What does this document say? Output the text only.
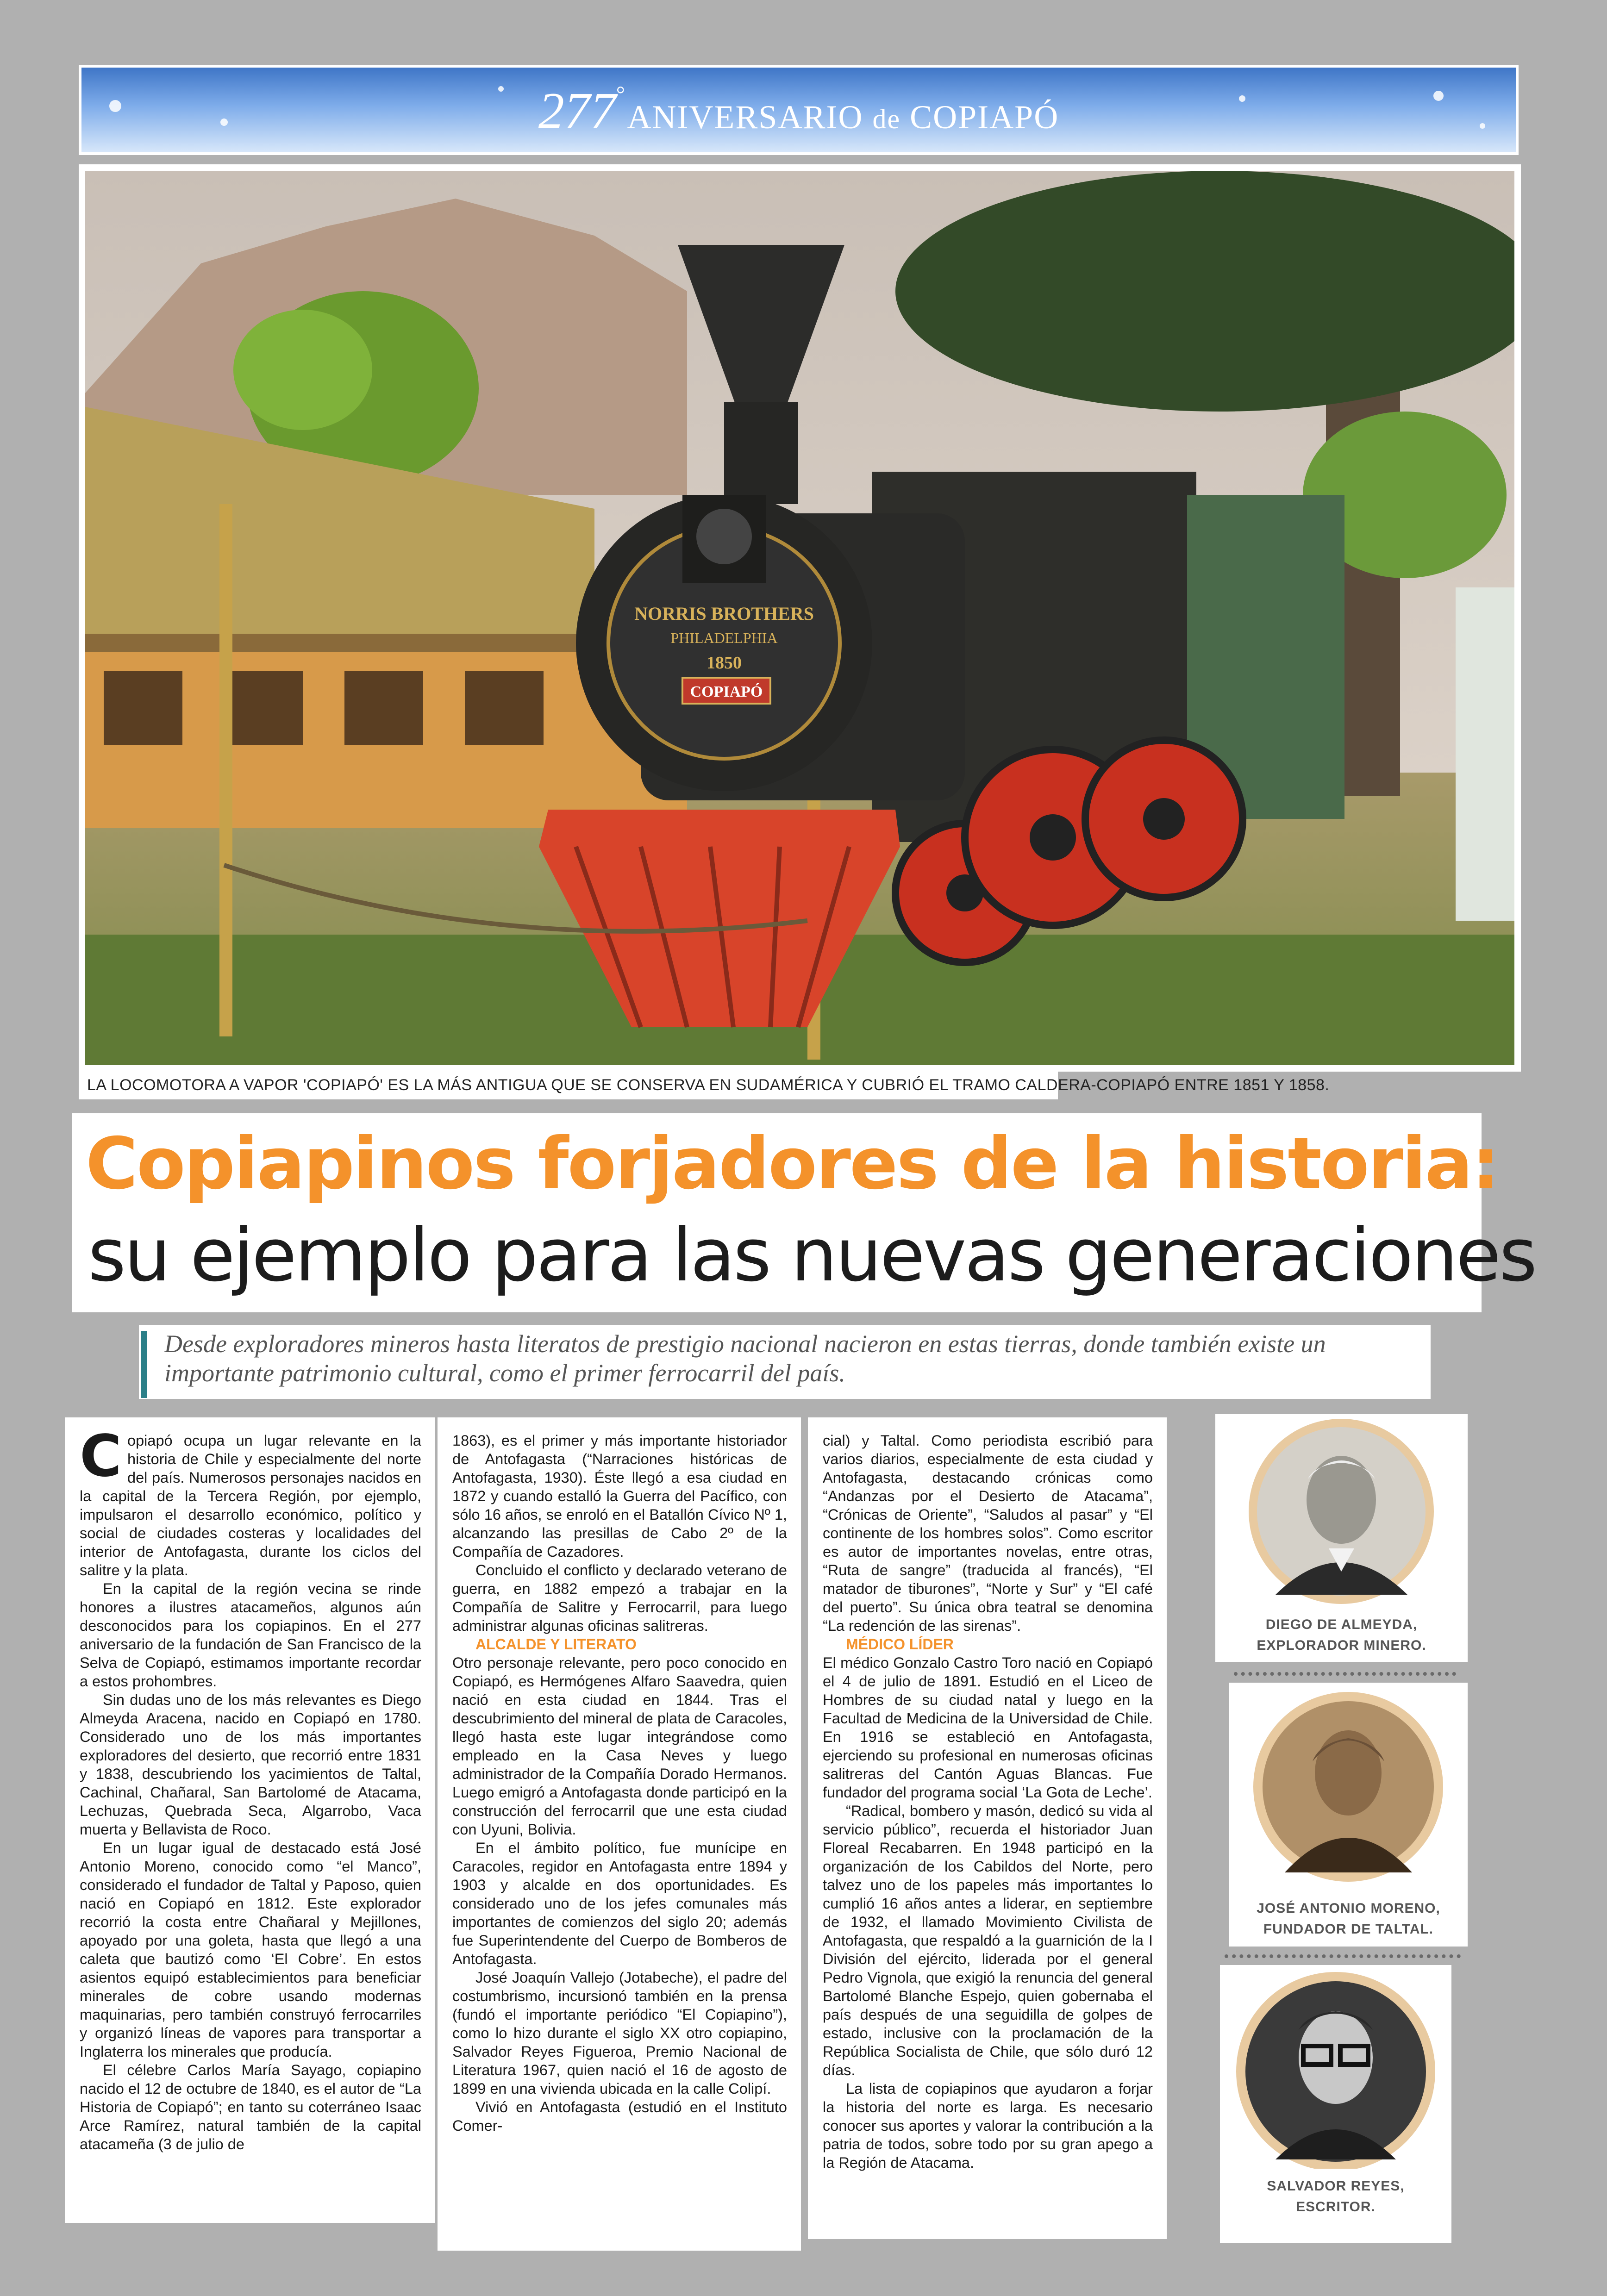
277° ANIVERSARIO de COPIAPÓ
NORRIS BROTHERS
PHILADELPHIA
1850
COPIAPÓ
LA LOCOMOTORA A VAPOR 'COPIAPÓ' ES LA MÁS ANTIGUA QUE SE CONSERVA EN SUDAMÉRICA Y CUBRIÓ EL TRAMO CALDERA-COPIAPÓ ENTRE 1851 Y 1858.
Copiapinos forjadores de la historia:
su ejemplo para las nuevas generaciones
Desde exploradores mineros hasta literatos de prestigio nacional nacieron en estas tierras, donde también existe un importante patrimonio cultural, como el primer ferrocarril del país.
C opiapó ocupa un lugar relevante en la historia de Chile y especialmente del norte del país. Numerosos personajes nacidos en la capital de la Tercera Región, por ejemplo, impulsaron el desarrollo económico, político y social de ciudades costeras y localidades del interior de Antofagasta, durante los ciclos del salitre y la plata.

En la capital de la región vecina se rinde honores a ilustres atacameños, algunos aún desconocidos para los copiapinos. En el 277 aniversario de la fundación de San Francisco de la Selva de Copiapó, estimamos importante recordar a estos prohombres.

Sin dudas uno de los más relevantes es Diego Almeyda Aracena, nacido en Copiapó en 1780. Considerado uno de los más importantes exploradores del desierto, que recorrió entre 1831 y 1838, descubriendo los yacimientos de Taltal, Cachinal, Chañaral, San Bartolomé de Atacama, Lechuzas, Quebrada Seca, Algarrobo, Vaca muerta y Bellavista de Roco.

En un lugar igual de destacado está José Antonio Moreno, conocido como “el Manco”, considerado el fundador de Taltal y Paposo, quien nació en Copiapó en 1812. Este explorador recorrió la costa entre Chañaral y Mejillones, apoyado por una goleta, hasta que llegó a una caleta que bautizó como ‘El Cobre’. En estos asientos equipó establecimientos para beneficiar minerales de cobre usando modernas maquinarias, pero también construyó ferrocarriles y organizó líneas de vapores para transportar a Inglaterra los minerales que producía.

El célebre Carlos María Sayago, copiapino nacido el 12 de octubre de 1840, es el autor de “La Historia de Copiapó”; en tanto su coterráneo Isaac Arce Ramírez, natural también de la capital atacameña (3 de julio de

1863), es el primer y más importante historiador de Antofagasta (“Narraciones históricas de Antofagasta, 1930). Éste llegó a esa ciudad en 1872 y cuando estalló la Guerra del Pacífico, con sólo 16 años, se enroló en el Batallón Cívico Nº 1, alcanzando las presillas de Cabo 2º de la Compañía de Cazadores.

Concluido el conflicto y declarado veterano de guerra, en 1882 empezó a trabajar en la Compañía de Salitre y Ferrocarril, para luego administrar algunas oficinas salitreras.

ALCALDE Y LITERATO

Otro personaje relevante, pero poco conocido en Copiapó, es Hermógenes Alfaro Saavedra, quien nació en esta ciudad en 1844. Tras el descubrimiento del mineral de plata de Caracoles, llegó hasta este lugar integrándose como empleado en la Casa Neves y luego administrador de la Compañía Dorado Hermanos. Luego emigró a Antofagasta donde participó en la construcción del ferrocarril que une esta ciudad con Uyuni, Bolivia.

En el ámbito político, fue munícipe en Caracoles, regidor en Antofagasta entre 1894 y 1903 y alcalde en dos oportunidades. Es considerado uno de los jefes comunales más importantes de comienzos del siglo 20; además fue Superintendente del Cuerpo de Bomberos de Antofagasta.

José Joaquín Vallejo (Jotabeche), el padre del costumbrismo, incursionó también en la prensa (fundó el importante periódico “El Copiapino”), como lo hizo durante el siglo XX otro copiapino, Salvador Reyes Figueroa, Premio Nacional de Literatura 1967, quien nació el 16 de agosto de 1899 en una vivienda ubicada en la calle Colipí.

Vivió en Antofagasta (estudió en el Instituto Comer-

cial) y Taltal. Como periodista escribió para varios diarios, especialmente de esta ciudad y Antofagasta, destacando crónicas como “Andanzas por el Desierto de Atacama”, “Crónicas de Oriente”, “Saludos al pasar” y “El continente de los hombres solos”. Como escritor es autor de importantes novelas, entre otras, “Ruta de sangre” (traducida al francés), “El matador de tiburones”, “Norte y Sur” y “El café del puerto”. Su única obra teatral se denomina “La redención de las sirenas”.

MÉDICO LÍDER

El médico Gonzalo Castro Toro nació en Copiapó el 4 de julio de 1891. Estudió en el Liceo de Hombres de su ciudad natal y luego en la Facultad de Medicina de la Universidad de Chile. En 1916 se estableció en Antofagasta, ejerciendo su profesional en numerosas oficinas salitreras del Cantón Aguas Blancas. Fue fundador del programa social ‘La Gota de Leche’.

“Radical, bombero y masón, dedicó su vida al servicio público”, recuerda el historiador Juan Floreal Recabarren. En 1948 participó en la organización de los Cabildos del Norte, pero talvez uno de los papeles más importantes lo cumplió 16 años antes a liderar, en septiembre de 1932, el llamado Movimiento Civilista de Antofagasta, que respaldó a la guarnición de la I División del ejército, liderada por el general Pedro Vignola, que exigió la renuncia del general Bartolomé Blanche Espejo, quien gobernaba el país después de una seguidilla de golpes de estado, inclusive con la proclamación de la República Socialista de Chile, que sólo duró 12 días.

La lista de copiapinos que ayudaron a forjar la historia del norte es larga. Es necesario conocer sus aportes y valorar la contribución a la patria de todos, sobre todo por su gran apego a la Región de Atacama.

DIEGO DE ALMEYDA,
EXPLORADOR MINERO.
JOSÉ ANTONIO MORENO,
FUNDADOR DE TALTAL.
SALVADOR REYES,
ESCRITOR.
